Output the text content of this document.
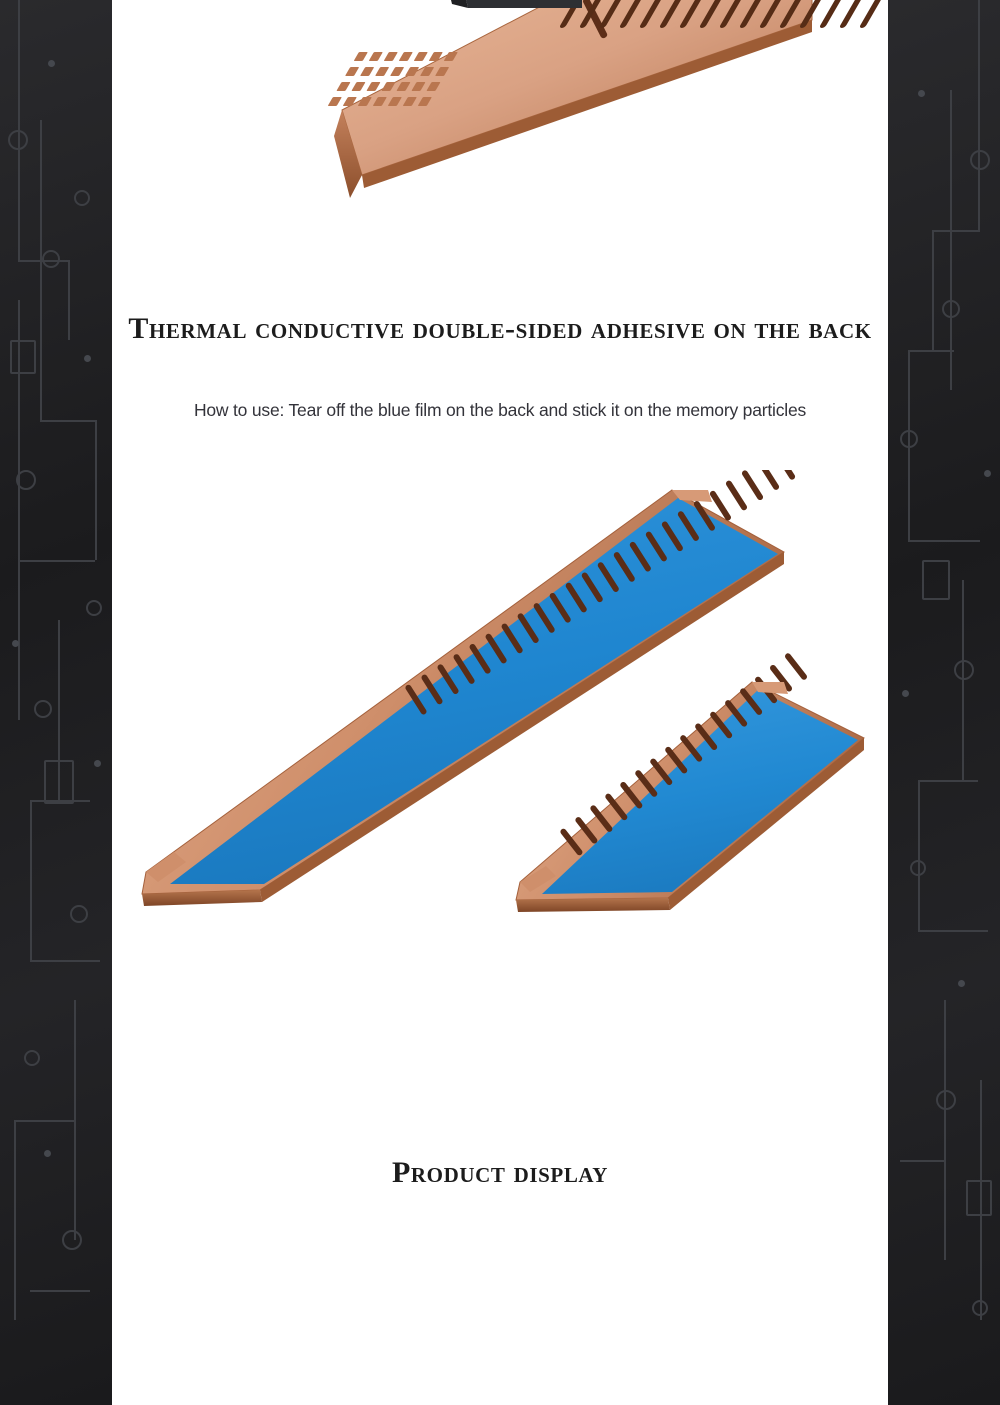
Thermal conductive double-sided adhesive on the back
How to use: Tear off the blue film on the back and stick it on the memory particles
Product display
